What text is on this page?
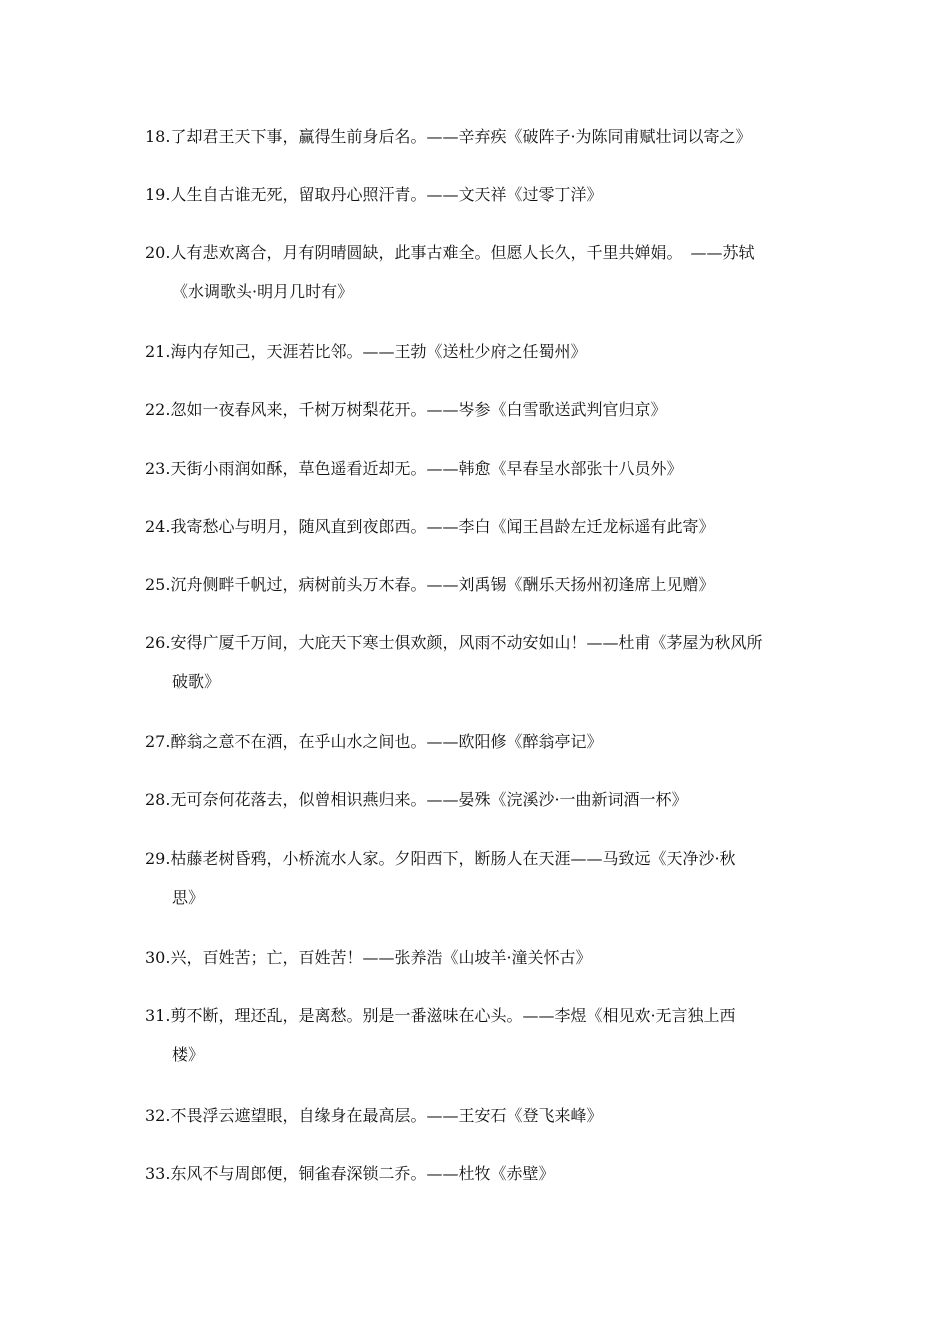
18.了却君王天下事，赢得生前身后名。——辛弃疾《破阵子·为陈同甫赋壮词以寄之》
19.人生自古谁无死，留取丹心照汗青。——文天祥《过零丁洋》
20.人有悲欢离合，月有阴晴圆缺，此事古难全。但愿人长久，千里共婵娟。　——苏轼
《水调歌头·明月几时有》
21.海内存知己，天涯若比邻。——王勃《送杜少府之任蜀州》
22.忽如一夜春风来，千树万树梨花开。——岑参《白雪歌送武判官归京》
23.天街小雨润如酥，草色遥看近却无。——韩愈《早春呈水部张十八员外》
24.我寄愁心与明月，随风直到夜郎西。——李白《闻王昌龄左迁龙标遥有此寄》
25.沉舟侧畔千帆过，病树前头万木春。——刘禹锡《酬乐天扬州初逢席上见赠》
26.安得广厦千万间，大庇天下寒士俱欢颜，风雨不动安如山！——杜甫《茅屋为秋风所
破歌》
27.醉翁之意不在酒，在乎山水之间也。——欧阳修《醉翁亭记》
28.无可奈何花落去，似曾相识燕归来。——晏殊《浣溪沙·一曲新词酒一杯》
29.枯藤老树昏鸦，小桥流水人家。夕阳西下，断肠人在天涯——马致远《天净沙·秋
思》
30.兴，百姓苦；亡，百姓苦！——张养浩《山坡羊·潼关怀古》
31.剪不断，理还乱，是离愁。别是一番滋味在心头。——李煜《相见欢·无言独上西
楼》
32.不畏浮云遮望眼，自缘身在最高层。——王安石《登飞来峰》
33.东风不与周郎便，铜雀春深锁二乔。——杜牧《赤壁》
